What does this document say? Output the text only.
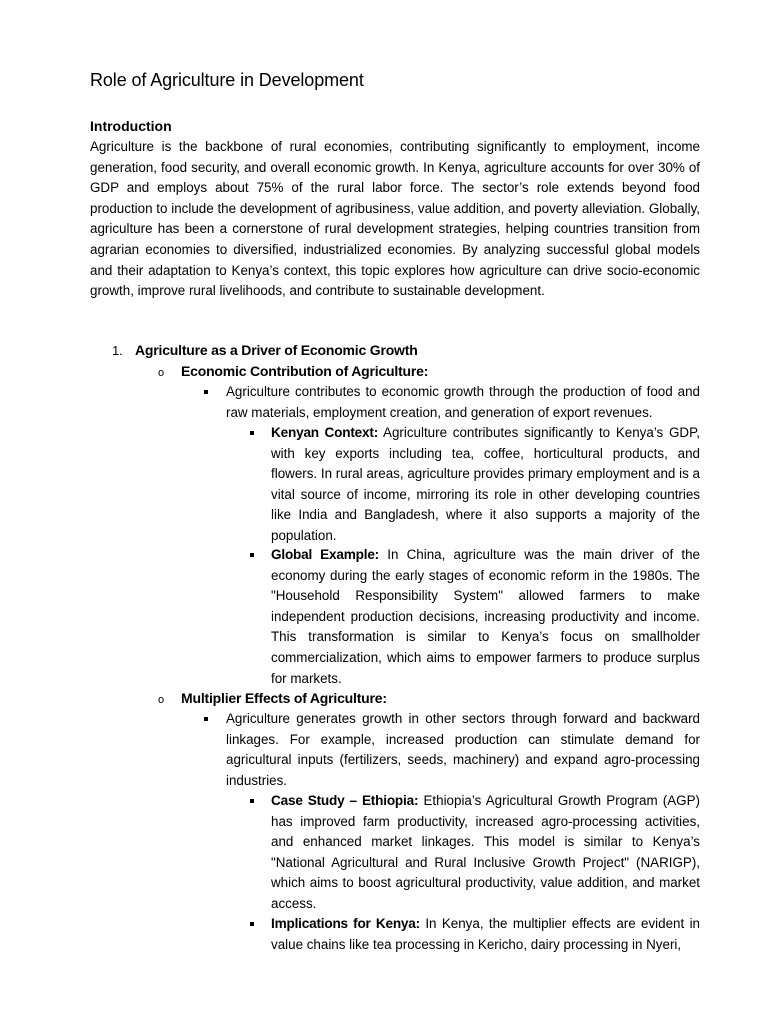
Role of Agriculture in Development
Introduction

Agriculture is the backbone of rural economies, contributing significantly to employment, income generation, food security, and overall economic growth. In Kenya, agriculture accounts for over 30% of GDP and employs about 75% of the rural labor force. The sector’s role extends beyond food production to include the development of agribusiness, value addition, and poverty alleviation. Globally, agriculture has been a cornerstone of rural development strategies, helping countries transition from agrarian economies to diversified, industrialized economies. By analyzing successful global models and their adaptation to Kenya’s context, this topic explores how agriculture can drive socio-economic growth, improve rural livelihoods, and contribute to sustainable development.

1. Agriculture as a Driver of Economic Growth
o Economic Contribution of Agriculture:
Agriculture contributes to economic growth through the production of food and raw materials, employment creation, and generation of export revenues.
Kenyan Context: Agriculture contributes significantly to Kenya’s GDP, with key exports including tea, coffee, horticultural products, and flowers. In rural areas, agriculture provides primary employment and is a vital source of income, mirroring its role in other developing countries like India and Bangladesh, where it also supports a majority of the population.
Global Example: In China, agriculture was the main driver of the economy during the early stages of economic reform in the 1980s. The "Household Responsibility System" allowed farmers to make independent production decisions, increasing productivity and income. This transformation is similar to Kenya’s focus on smallholder commercialization, which aims to empower farmers to produce surplus for markets.
o Multiplier Effects of Agriculture:
Agriculture generates growth in other sectors through forward and backward linkages. For example, increased production can stimulate demand for agricultural inputs (fertilizers, seeds, machinery) and expand agro-processing industries.
Case Study – Ethiopia: Ethiopia’s Agricultural Growth Program (AGP) has improved farm productivity, increased agro-processing activities, and enhanced market linkages. This model is similar to Kenya’s "National Agricultural and Rural Inclusive Growth Project" (NARIGP), which aims to boost agricultural productivity, value addition, and market access.
Implications for Kenya: In Kenya, the multiplier effects are evident in value chains like tea processing in Kericho, dairy processing in Nyeri,
